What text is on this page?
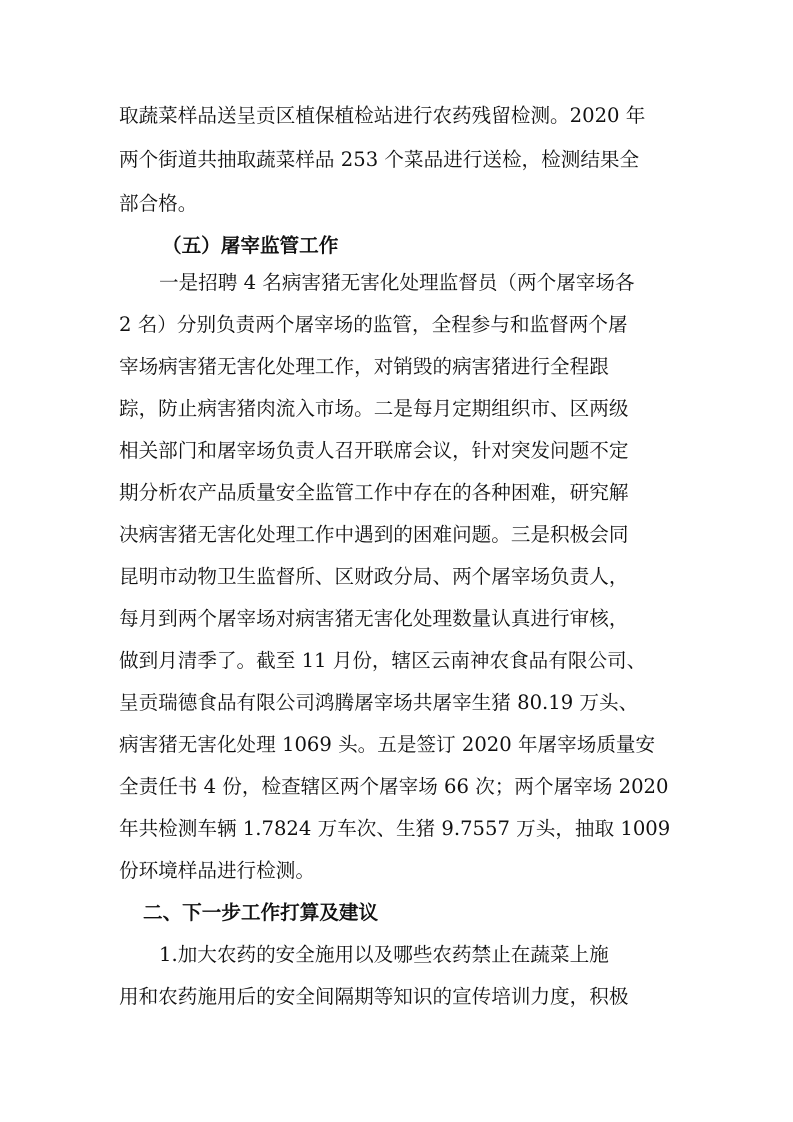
取蔬菜样品送呈贡区植保植检站进行农药残留检测。2020 年
两个街道共抽取蔬菜样品 253 个菜品进行送检，检测结果全
部合格。
（五）屠宰监管工作
一是招聘 4 名病害猪无害化处理监督员（两个屠宰场各
2 名）分别负责两个屠宰场的监管，全程参与和监督两个屠
宰场病害猪无害化处理工作，对销毁的病害猪进行全程跟
踪，防止病害猪肉流入市场。二是每月定期组织市、区两级
相关部门和屠宰场负责人召开联席会议，针对突发问题不定
期分析农产品质量安全监管工作中存在的各种困难，研究解
决病害猪无害化处理工作中遇到的困难问题。三是积极会同
昆明市动物卫生监督所、区财政分局、两个屠宰场负责人，
每月到两个屠宰场对病害猪无害化处理数量认真进行审核，
做到月清季了。截至 11 月份，辖区云南神农食品有限公司、
呈贡瑞德食品有限公司鸿腾屠宰场共屠宰生猪 80.19 万头、
病害猪无害化处理 1069 头。五是签订 2020 年屠宰场质量安
全责任书 4 份，检查辖区两个屠宰场 66 次；两个屠宰场 2020
年共检测车辆 1.7824 万车次、生猪 9.7557 万头，抽取 1009
份环境样品进行检测。
二、下一步工作打算及建议
1.加大农药的安全施用以及哪些农药禁止在蔬菜上施
用和农药施用后的安全间隔期等知识的宣传培训力度，积极
